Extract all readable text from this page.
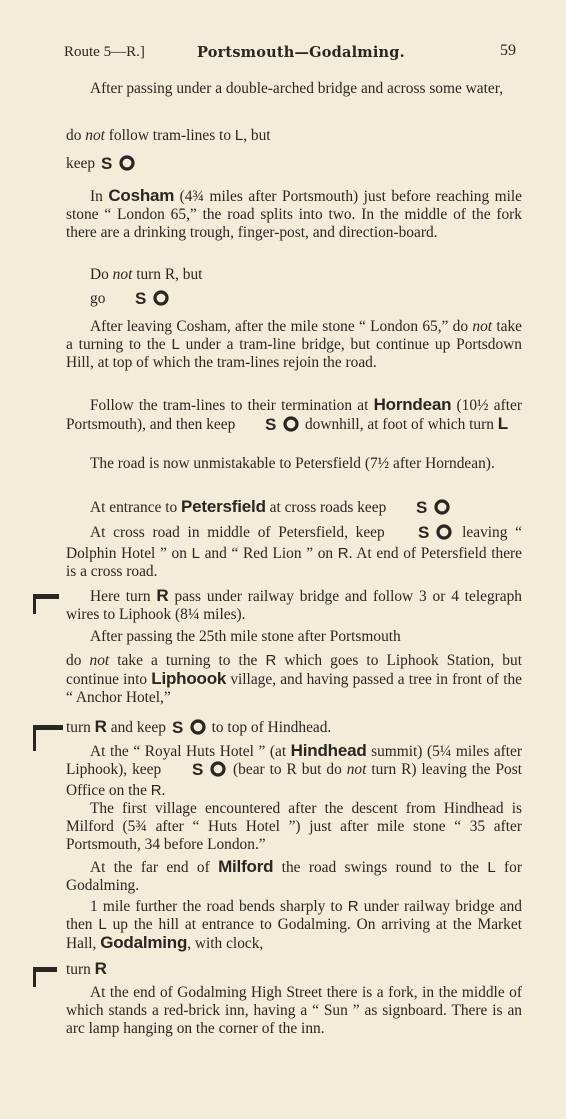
Route 5—R.]	Portsmouth—Godalming.	59

After passing under a double-arched bridge and across some water,

do not follow tram-lines to L, but

keep S

In Cosham (4¾ miles after Portsmouth) just before reaching mile stone “ London 65,” the road splits into two. In the middle of the fork there are a drinking trough, finger-post, and direction-board.

Do not turn R, but

go S

After leaving Cosham, after the mile stone “ London 65,” do not take a turning to the L under a tram-line bridge, but continue up Portsdown Hill, at top of which the tram-lines rejoin the road.

Follow the tram-lines to their termination at Horndean (10½ after Portsmouth), and then keep S downhill, at foot of which turn L

The road is now unmistakable to Petersfield (7½ after Horndean).

At entrance to Petersfield at cross roads keep S

At cross road in middle of Petersfield, keep S leaving “ Dolphin Hotel ” on L and “ Red Lion ” on R. At end of Petersfield there is a cross road.

Here turn R pass under railway bridge and follow 3 or 4 telegraph wires to Liphook (8¼ miles).

After passing the 25th mile stone after Portsmouth

do not take a turning to the R which goes to Liphook Station, but continue into Liphoook village, and having passed a tree in front of the “ Anchor Hotel,”

turn R and keep S to top of Hindhead.

At the “ Royal Huts Hotel ” (at Hindhead summit) (5¼ miles after Liphook), keep S (bear to R but do not turn R) leaving the Post Office on the R.

The first village encountered after the descent from Hindhead is Milford (5¾ after “ Huts Hotel ”) just after mile stone “ 35 after Portsmouth, 34 before London.”

At the far end of Milford the road swings round to the L for Godalming.

1 mile further the road bends sharply to R under railway bridge and then L up the hill at entrance to Godalming. On arriving at the Market Hall, Godalming, with clock,

turn R

At the end of Godalming High Street there is a fork, in the middle of which stands a red-brick inn, having a “ Sun ” as signboard. There is an arc lamp hanging on the corner of the inn.
